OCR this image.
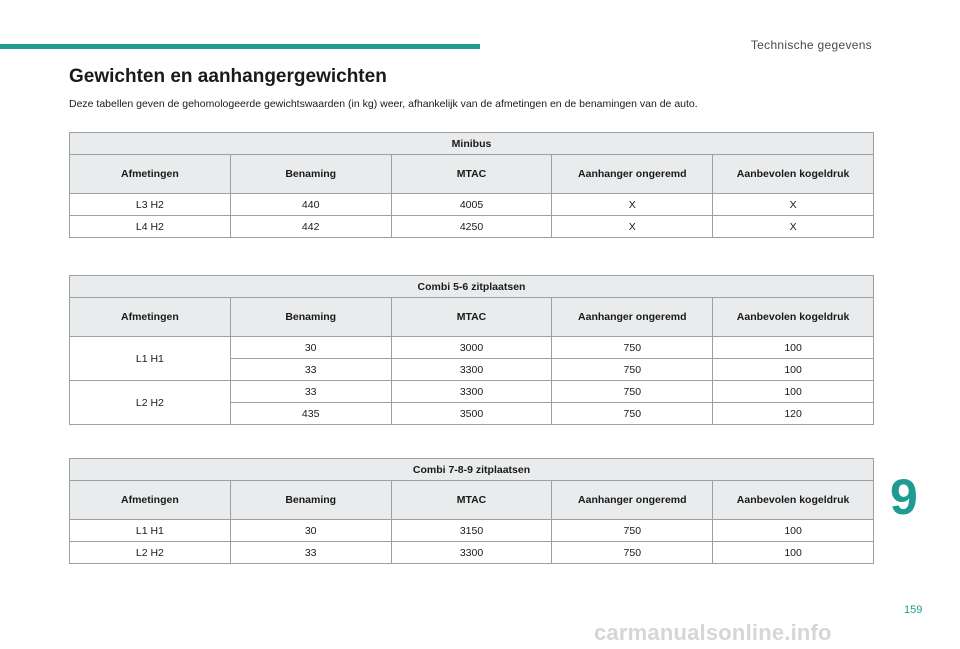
Technische gegevens
Gewichten en aanhangergewichten
Deze tabellen geven de gehomologeerde gewichtswaarden (in kg) weer, afhankelijk van de afmetingen en de benamingen van de auto.
Minibus				
Afmetingen	Benaming	MTAC	Aanhanger ongeremd	Aanbevolen kogeldruk
L3 H2	440	4005	X	X
L4 H2	442	4250	X	X
Combi 5-6 zitplaatsen				
Afmetingen	Benaming	MTAC	Aanhanger ongeremd	Aanbevolen kogeldruk
L1 H1	30	3000	750	100
	33	3300	750	100
L2 H2	33	3300	750	100
	435	3500	750	120
Combi 7-8-9 zitplaatsen				
Afmetingen	Benaming	MTAC	Aanhanger ongeremd	Aanbevolen kogeldruk
L1 H1	30	3150	750	100
L2 H2	33	3300	750	100
9
159
carmanualsonline.info
